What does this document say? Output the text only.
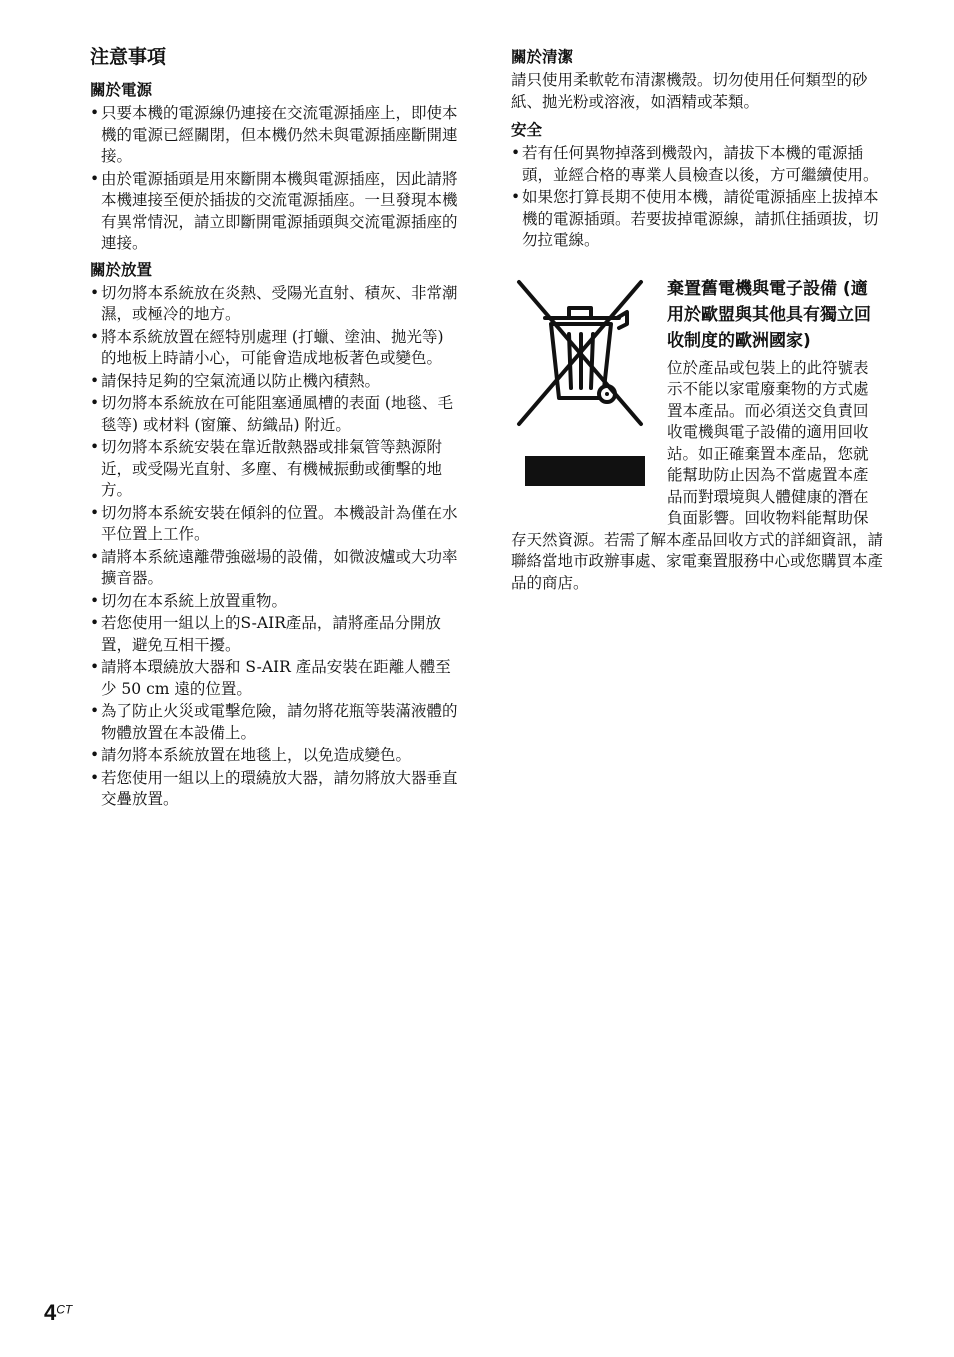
注意事項
關於電源
• 只要本機的電源線仍連接在交流電源插座上，即使本機的電源已經關閉，但本機仍然未與電源插座斷開連接。
• 由於電源插頭是用來斷開本機與電源插座，因此請將本機連接至便於插拔的交流電源插座。一旦發現本機有異常情況，請立即斷開電源插頭與交流電源插座的連接。
關於放置
• 切勿將本系統放在炎熱、受陽光直射、積灰、非常潮濕，或極冷的地方。
• 將本系統放置在經特別處理 (打蠟、塗油、拋光等) 的地板上時請小心，可能會造成地板著色或變色。
• 請保持足夠的空氣流通以防止機內積熱。
• 切勿將本系統放在可能阻塞通風槽的表面 (地毯、毛毯等) 或材料 (窗簾、紡織品) 附近。
• 切勿將本系統安裝在靠近散熱器或排氣管等熱源附近，或受陽光直射、多塵、有機械振動或衝擊的地方。
• 切勿將本系統安裝在傾斜的位置。本機設計為僅在水平位置上工作。
• 請將本系統遠離帶強磁場的設備，如微波爐或大功率擴音器。
• 切勿在本系統上放置重物。
• 若您使用一組以上的S-AIR產品，請將產品分開放置，避免互相干擾。
• 請將本環繞放大器和 S-AIR 產品安裝在距離人體至少 50 cm 遠的位置。
• 為了防止火災或電擊危險，請勿將花瓶等裝滿液體的物體放置在本設備上。
• 請勿將本系統放置在地毯上，以免造成變色。
• 若您使用一組以上的環繞放大器，請勿將放大器垂直交疊放置。
關於清潔

請只使用柔軟乾布清潔機殼。切勿使用任何類型的砂紙、拋光粉或溶液，如酒精或苯類。

安全
• 若有任何異物掉落到機殼內，請拔下本機的電源插頭，並經合格的專業人員檢查以後，方可繼續使用。
• 如果您打算長期不使用本機，請從電源插座上拔掉本機的電源插頭。若要拔掉電源線，請抓住插頭拔，切勿拉電線。
棄置舊電機與電子設備 (適用於歐盟與其他具有獨立回收制度的歐洲國家)

位於產品或包裝上的此符號表示不能以家電廢棄物的方式處置本產品。而必須送交負責回收電機與電子設備的適用回收站。如正確棄置本產品，您就能幫助防止因為不當處置本產品而對環境與人體健康的潛在負面影響。回收物料能幫助保存天然資源。若需了解本產品回收方式的詳細資訊，請聯絡當地市政辦事處、家電棄置服務中心或您購買本產品的商店。

$4^{CT}$
